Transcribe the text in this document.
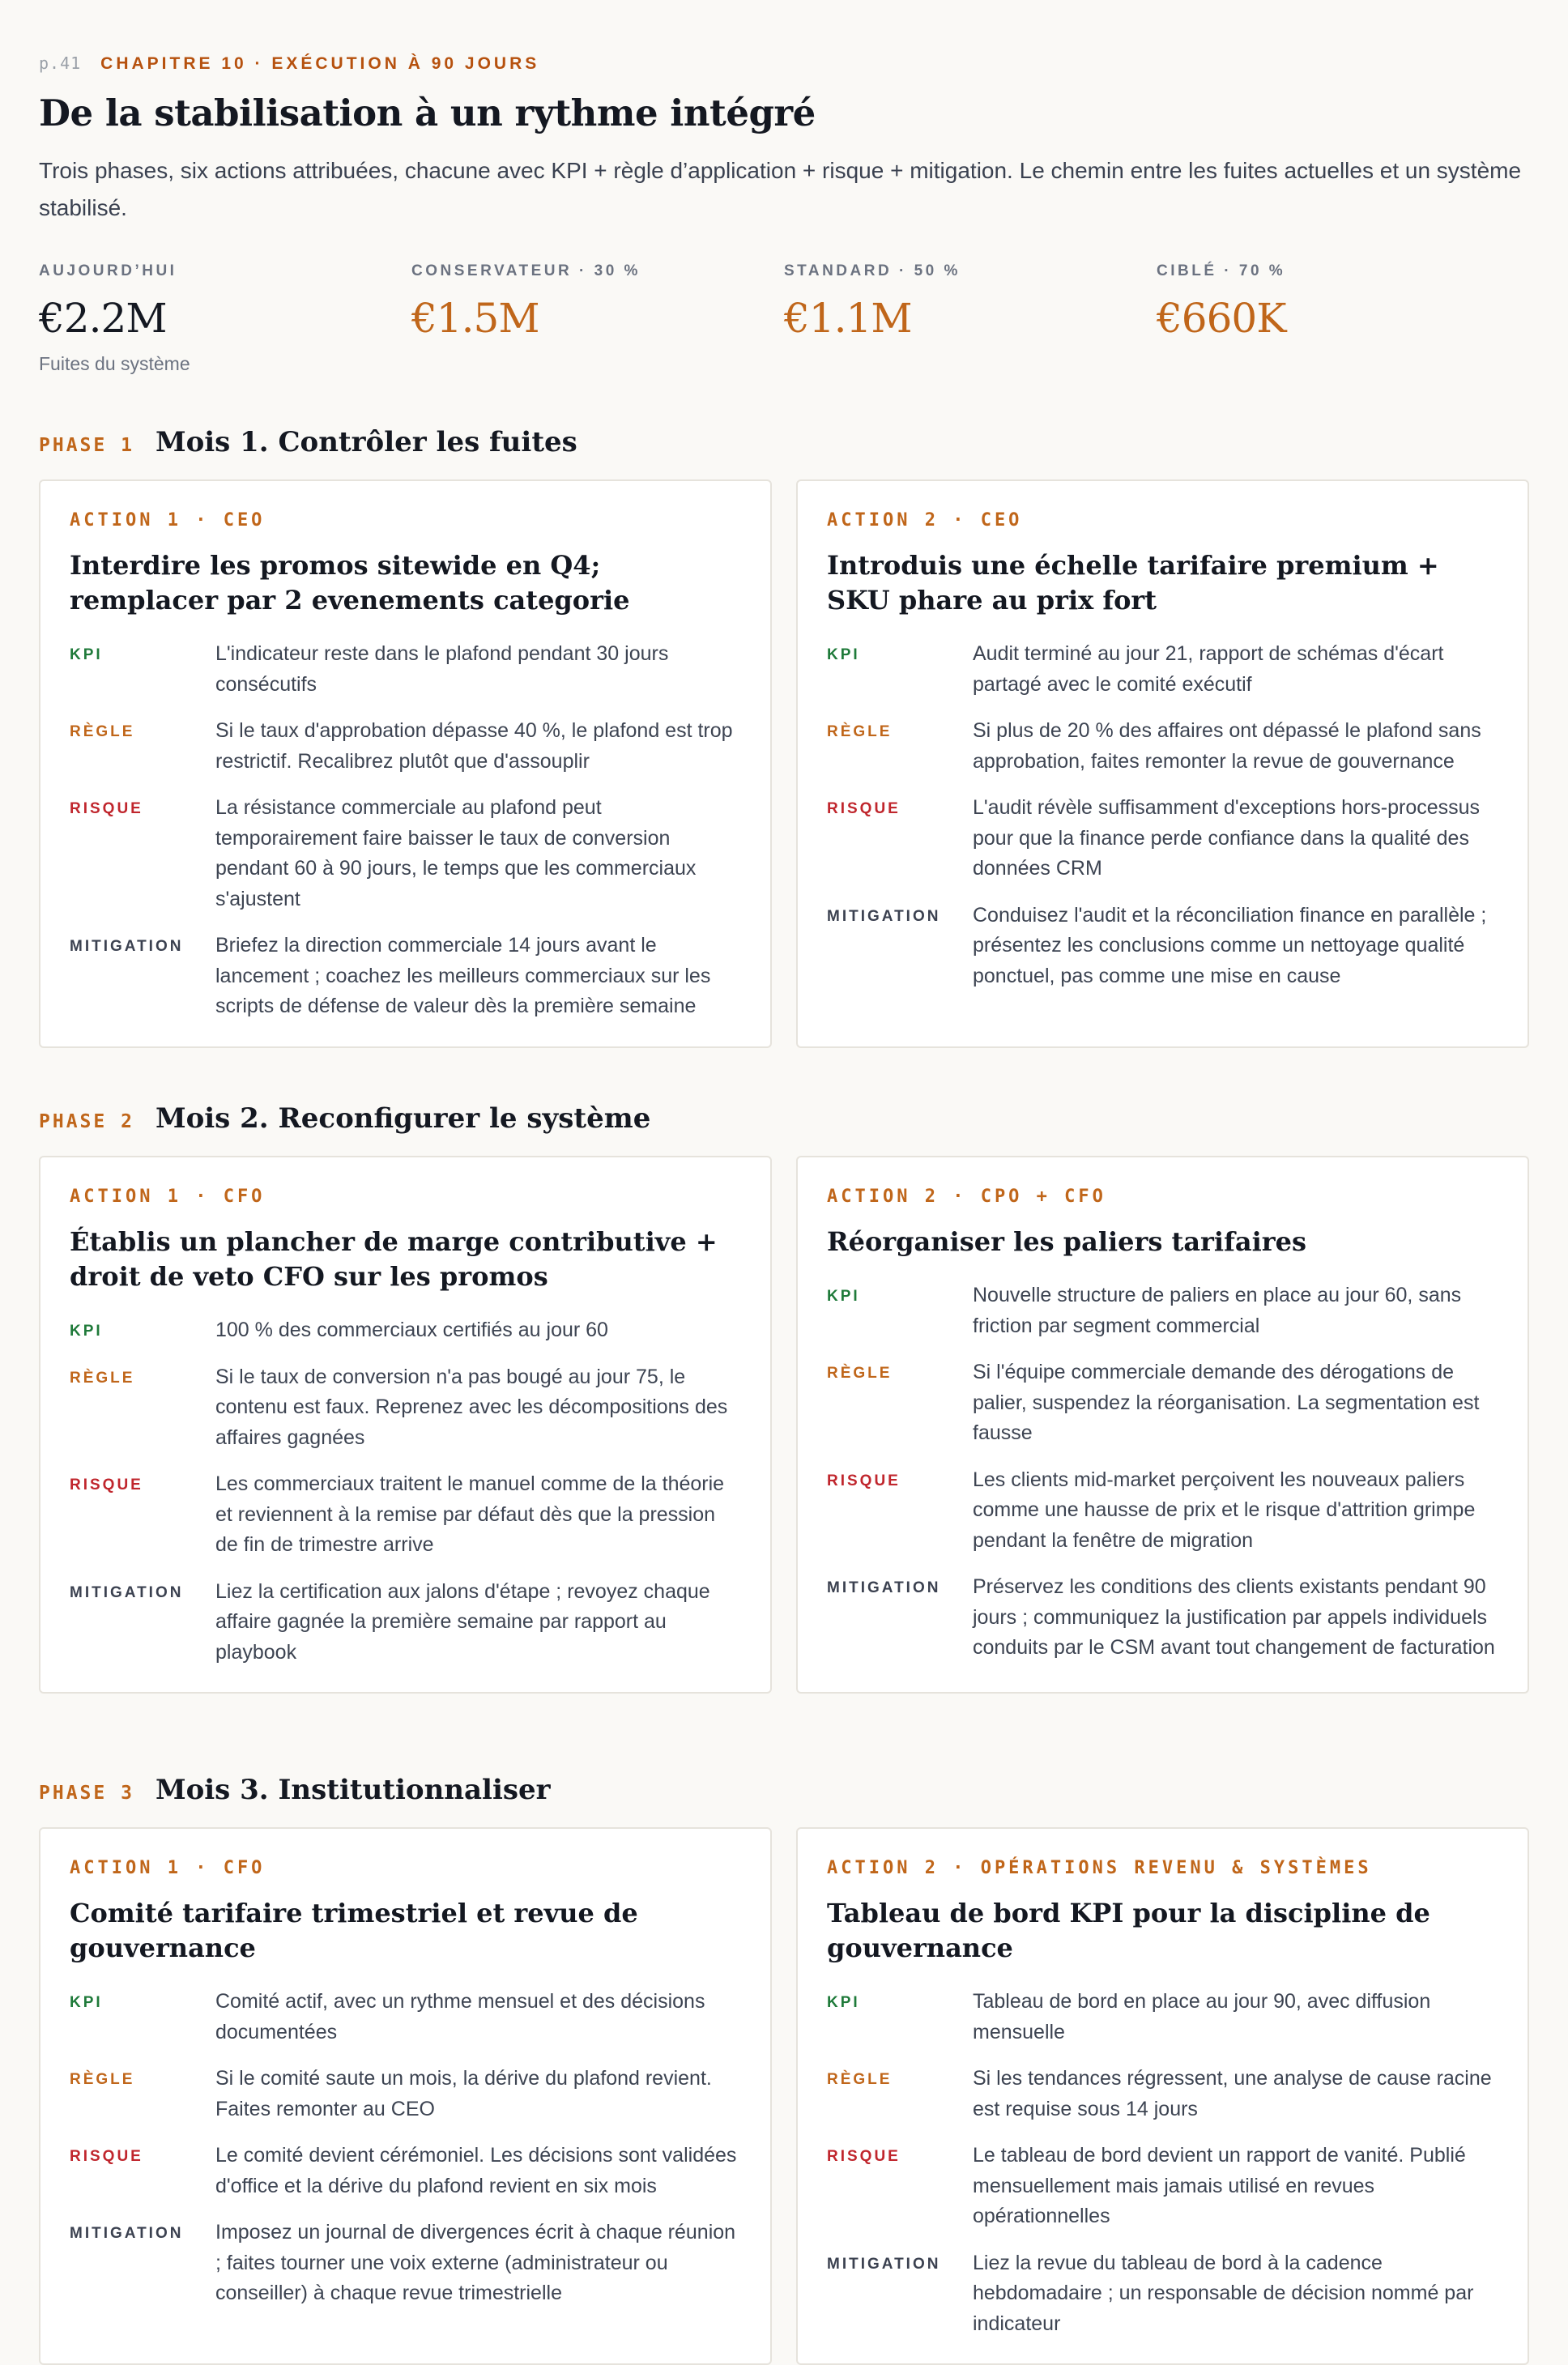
p.41 CHAPITRE 10 · EXÉCUTION À 90 JOURS
De la stabilisation à un rythme intégré

Trois phases, six actions attribuées, chacune avec KPI + règle d’application + risque + mitigation. Le chemin entre les fuites actuelles et un système stabilisé.

AUJOURD’HUI
€2.2M
Fuites du système
CONSERVATEUR · 30 %
€1.5M
STANDARD · 50 %
€1.1M
CIBLÉ · 70 %
€660K
PHASE 1 Mois 1. Contrôler les fuites
ACTION 1 · CEO
Interdire les promos sitewide en Q4; remplacer par 2 evenements categorie
KPI	L'indicateur reste dans le plafond pendant 30 jours consécutifs
RÈGLE	Si le taux d'approbation dépasse 40 %, le plafond est trop restrictif. Recalibrez plutôt que d'assouplir
RISQUE	La résistance commerciale au plafond peut temporairement faire baisser le taux de conversion pendant 60 à 90 jours, le temps que les commerciaux s'ajustent
MITIGATION	Briefez la direction commerciale 14 jours avant le lancement ; coachez les meilleurs commerciaux sur les scripts de défense de valeur dès la première semaine
ACTION 2 · CEO
Introduis une échelle tarifaire premium + SKU phare au prix fort
KPI	Audit terminé au jour 21, rapport de schémas d'écart partagé avec le comité exécutif
RÈGLE	Si plus de 20 % des affaires ont dépassé le plafond sans approbation, faites remonter la revue de gouvernance
RISQUE	L'audit révèle suffisamment d'exceptions hors-processus pour que la finance perde confiance dans la qualité des données CRM
MITIGATION	Conduisez l'audit et la réconciliation finance en parallèle ; présentez les conclusions comme un nettoyage qualité ponctuel, pas comme une mise en cause
PHASE 2 Mois 2. Reconfigurer le système
ACTION 1 · CFO
Établis un plancher de marge contributive + droit de veto CFO sur les promos
KPI	100 % des commerciaux certifiés au jour 60
RÈGLE	Si le taux de conversion n'a pas bougé au jour 75, le contenu est faux. Reprenez avec les décompositions des affaires gagnées
RISQUE	Les commerciaux traitent le manuel comme de la théorie et reviennent à la remise par défaut dès que la pression de fin de trimestre arrive
MITIGATION	Liez la certification aux jalons d'étape ; revoyez chaque affaire gagnée la première semaine par rapport au playbook
ACTION 2 · CPO + CFO
Réorganiser les paliers tarifaires
KPI	Nouvelle structure de paliers en place au jour 60, sans friction par segment commercial
RÈGLE	Si l'équipe commerciale demande des dérogations de palier, suspendez la réorganisation. La segmentation est fausse
RISQUE	Les clients mid-market perçoivent les nouveaux paliers comme une hausse de prix et le risque d'attrition grimpe pendant la fenêtre de migration
MITIGATION	Préservez les conditions des clients existants pendant 90 jours ; communiquez la justification par appels individuels conduits par le CSM avant tout changement de facturation
PHASE 3 Mois 3. Institutionnaliser
ACTION 1 · CFO
Comité tarifaire trimestriel et revue de gouvernance
KPI	Comité actif, avec un rythme mensuel et des décisions documentées
RÈGLE	Si le comité saute un mois, la dérive du plafond revient. Faites remonter au CEO
RISQUE	Le comité devient cérémoniel. Les décisions sont validées d'office et la dérive du plafond revient en six mois
MITIGATION	Imposez un journal de divergences écrit à chaque réunion ; faites tourner une voix externe (administrateur ou conseiller) à chaque revue trimestrielle
ACTION 2 · OPÉRATIONS REVENU & SYSTÈMES
Tableau de bord KPI pour la discipline de gouvernance
KPI	Tableau de bord en place au jour 90, avec diffusion mensuelle
RÈGLE	Si les tendances régressent, une analyse de cause racine est requise sous 14 jours
RISQUE	Le tableau de bord devient un rapport de vanité. Publié mensuellement mais jamais utilisé en revues opérationnelles
MITIGATION	Liez la revue du tableau de bord à la cadence hebdomadaire ; un responsable de décision nommé par indicateur
